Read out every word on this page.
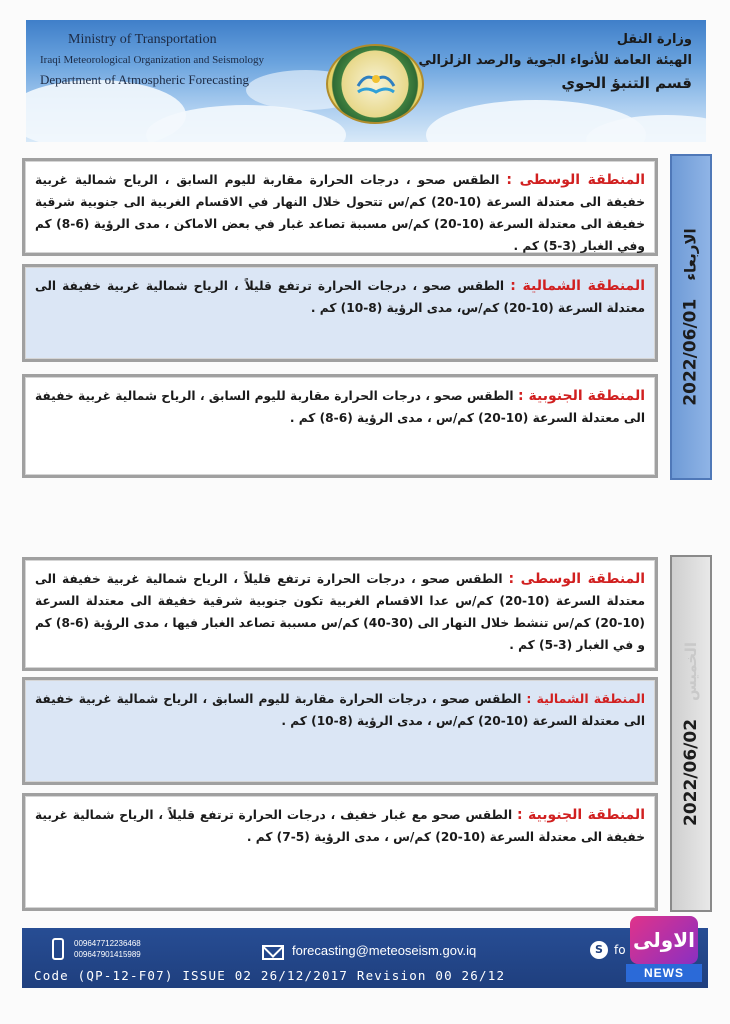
Ministry of Transportation
Iraqi Meteorological Organization and Seismology
Department of Atmospheric Forecasting
وزارة النقل
الهيئة العامة للأنواء الجوية والرصد الزلزالي
قسم التنبؤ الجوي
المنطقة الوسطى : الطقس صحو ، درجات الحرارة مقاربة لليوم السابق ، الرياح شمالية غربية خفيفة الى معتدلة السرعة (10-20) كم/س تتحول خلال النهار في الاقسام الغربية الى جنوبية شرقية خفيفة الى معتدلة السرعة (10-20) كم/س مسببة تصاعد غبار في بعض الاماكن ، مدى الرؤية (6-8) كم وفي الغبار (3-5) كم .
المنطقة الشمالية : الطقس صحو ، درجات الحرارة ترتفع قليلاً ، الرياح شمالية غربية خفيفة الى معتدلة السرعة (10-20) كم/س، مدى الرؤية (8-10) كم .
المنطقة الجنوبية : الطقس صحو ، درجات الحرارة مقاربة لليوم السابق ، الرياح شمالية غربية خفيفة الى معتدلة السرعة (10-20) كم/س ، مدى الرؤية (6-8) كم .
2022/06/01
الاربعاء
المنطقة الوسطى : الطقس صحو ، درجات الحرارة ترتفع قليلاً ، الرياح شمالية غربية خفيفة الى معتدلة السرعة (10-20) كم/س عدا الاقسام الغربية تكون جنوبية شرقية خفيفة الى معتدلة السرعة (10-20) كم/س تنشط خلال النهار الى (30-40) كم/س مسببة تصاعد الغبار فيها ، مدى الرؤية (6-8) كم و في الغبار (3-5) كم .
المنطقة الشمالية : الطقس صحو ، درجات الحرارة مقاربة لليوم السابق ، الرياح شمالية غربية خفيفة الى معتدلة السرعة (10-20) كم/س ، مدى الرؤية (8-10) كم .
المنطقة الجنوبية : الطقس صحو مع غبار خفيف ، درجات الحرارة ترتفع قليلاً ، الرياح شمالية غربية خفيفة الى معتدلة السرعة (10-20) كم/س ، مدى الرؤية (5-7) كم .
2022/06/02
الخميس
009647712236468
009647901415989	forecasting@meteoseism.gov.iq	S fo
Code (QP-12-F07) ISSUE 02 26/12/2017 Revision 00 26/12
الاولى
NEWS
